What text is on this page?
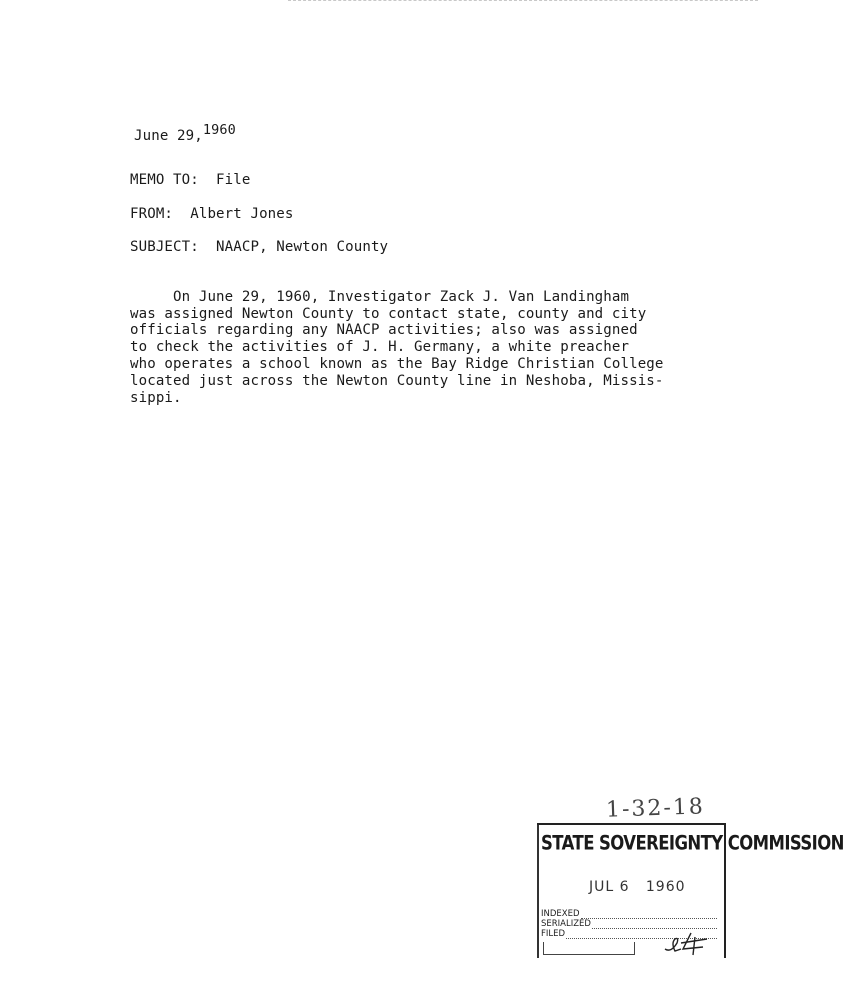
June 29,1960
MEMO TO:  File
FROM:  Albert Jones
SUBJECT:  NAACP, Newton County

On June 29, 1960, Investigator Zack J. Van Landingham
was assigned Newton County to contact state, county and city
officials regarding any NAACP activities; also was assigned
to check the activities of J. H. Germany, a white preacher
who operates a school known as the Bay Ridge Christian College
located just across the Newton County line in Neshoba, Missis-
sippi.

1-32-18
STATE SOVEREIGNTY COMMISSION
JUL 6   1960
INDEXED
SERIALIZED
FILED
